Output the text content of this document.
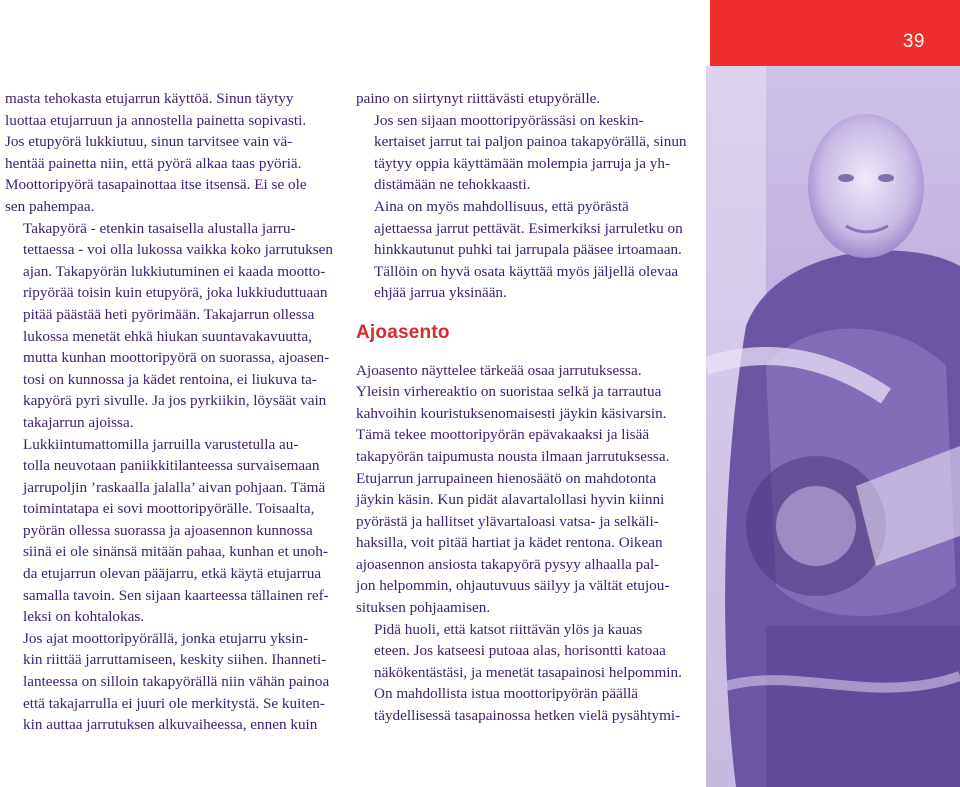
39

masta tehokasta etujarrun käyttöä. Sinun täytyy
luottaa etujarruun ja annostella painetta sopivasti.
Jos etupyörä lukkiutuu, sinun tarvitsee vain vä-
hentää painetta niin, että pyörä alkaa taas pyöriä.
Moottoripyörä tasapainottaa itse itsensä. Ei se ole
sen pahempaa.

Takapyörä - etenkin tasaisella alustalla jarru-
tettaessa - voi olla lukossa vaikka koko jarrutuksen
ajan. Takapyörän lukkiutuminen ei kaada mootto-
ripyörää toisin kuin etupyörä, joka lukkiuduttuaan
pitää päästää heti pyörimään. Takajarrun ollessa
lukossa menetät ehkä hiukan suuntavakavuutta,
mutta kunhan moottoripyörä on suorassa, ajoasen-
tosi on kunnossa ja kädet rentoina, ei liukuva ta-
kapyörä pyri sivulle. Ja jos pyrkiikin, löysäät vain
takajarrun ajoissa.

Lukkiintumattomilla jarruilla varustetulla au-
tolla neuvotaan paniikkitilanteessa survaisemaan
jarrupoljin ’raskaalla jalalla’ aivan pohjaan. Tämä
toimintatapa ei sovi moottoripyörälle. Toisaalta,
pyörän ollessa suorassa ja ajoasennon kunnossa
siinä ei ole sinänsä mitään pahaa, kunhan et unoh-
da etujarrun olevan pääjarru, etkä käytä etujarrua
samalla tavoin. Sen sijaan kaarteessa tällainen ref-
leksi on kohtalokas.

Jos ajat moottoripyörällä, jonka etujarru yksin-
kin riittää jarruttamiseen, keskity siihen. Ihanneti-
lanteessa on silloin takapyörällä niin vähän painoa
että takajarrulla ei juuri ole merkitystä. Se kuiten-
kin auttaa jarrutuksen alkuvaiheessa, ennen kuin

paino on siirtynyt riittävästi etupyörälle.

Jos sen sijaan moottoripyörässäsi on keskin-
kertaiset jarrut tai paljon painoa takapyörällä, sinun
täytyy oppia käyttämään molempia jarruja ja yh-
distämään ne tehokkaasti.

Aina on myös mahdollisuus, että pyörästä
ajettaessa jarrut pettävät. Esimerkiksi jarruletku on
hinkkautunut puhki tai jarrupala pääsee irtoamaan.
Tällöin on hyvä osata käyttää myös jäljellä olevaa
ehjää jarrua yksinään.

Ajoasento

Ajoasento näyttelee tärkeää osaa jarrutuksessa.
Yleisin virhereaktio on suoristaa selkä ja tarrautua
kahvoihin kouristuksenomaisesti jäykin käsivarsin.
Tämä tekee moottoripyörän epävakaaksi ja lisää
takapyörän taipumusta nousta ilmaan jarrutuksessa.
Etujarrun jarrupaineen hienosäätö on mahdotonta
jäykin käsin. Kun pidät alavartalollasi hyvin kiinni
pyörästä ja hallitset ylävartaloasi vatsa- ja selkäli-
haksilla, voit pitää hartiat ja kädet rentona. Oikean
ajoasennon ansiosta takapyörä pysyy alhaalla pal-
jon helpommin, ohjautuvuus säilyy ja vältät etujou-
situksen pohjaamisen.

Pidä huoli, että katsot riittävän ylös ja kauas
eteen. Jos katseesi putoaa alas, horisontti katoaa
näkökentästäsi, ja menetät tasapainosi helpommin.

On mahdollista istua moottoripyörän päällä
täydellisessä tasapainossa hetken vielä pysähtymi-
